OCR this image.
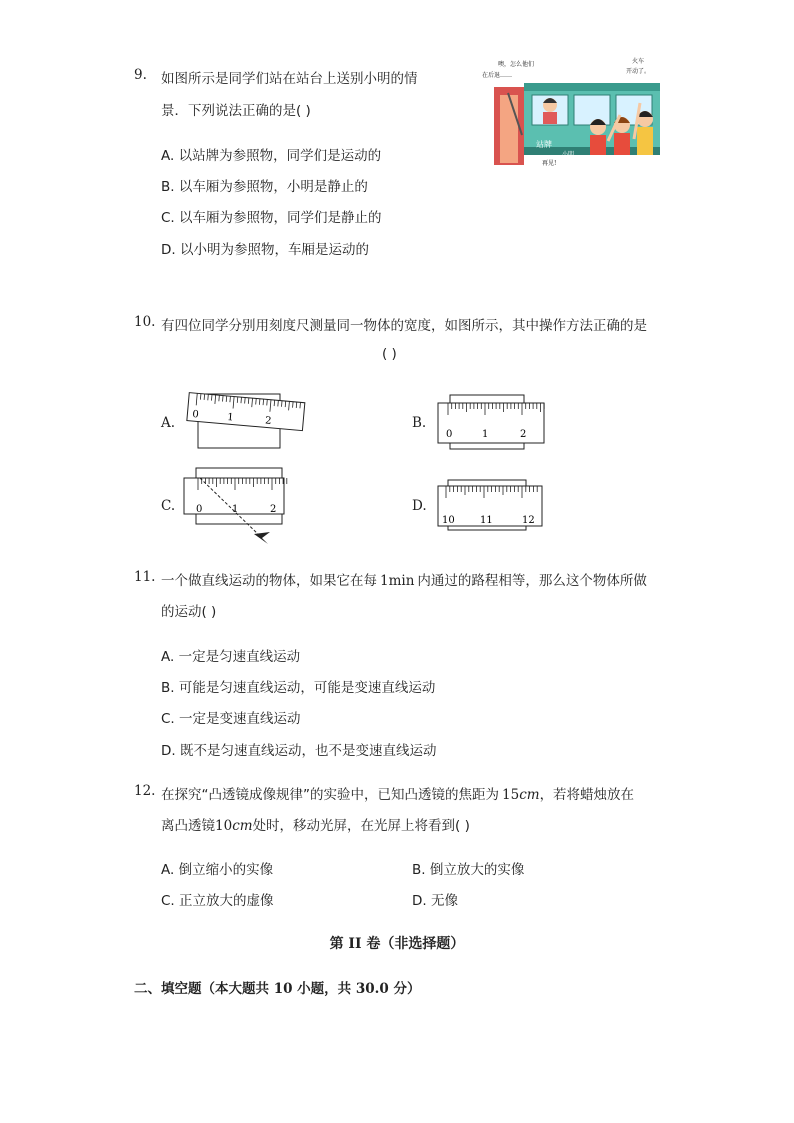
9. 如图所示是同学们站在站台上送别小明的情
景．下列说法正确的是( )
A. 以站牌为参照物，同学们是运动的
B. 以车厢为参照物，小明是静止的
C. 以车厢为参照物，同学们是静止的
D. 以小明为参照物，车厢是运动的
噢，怎么他们
在后退……
火车
开动了。
站牌
小明
再见!
10. 有四位同学分别用刻度尺测量同一物体的宽度，如图所示，其中操作方法正确的是
( )
A.	B.
C.	D.
0	1	2
0	1	2
0	1	2
10	11	12
11. 一个做直线运动的物体，如果它在每 1min 内通过的路程相等，那么这个物体所做
的运动( )
A. 一定是匀速直线运动
B. 可能是匀速直线运动，可能是变速直线运动
C. 一定是变速直线运动
D. 既不是匀速直线运动，也不是变速直线运动
12. 在探究“凸透镜成像规律”的实验中，已知凸透镜的焦距为 15cm，若将蜡烛放在
离凸透镜10cm处时，移动光屏，在光屏上将看到( )
A. 倒立缩小的实像	B. 倒立放大的实像
C. 正立放大的虚像	D. 无像
第 II 卷（非选择题）
二、填空题（本大题共 10 小题，共 30.0 分）
